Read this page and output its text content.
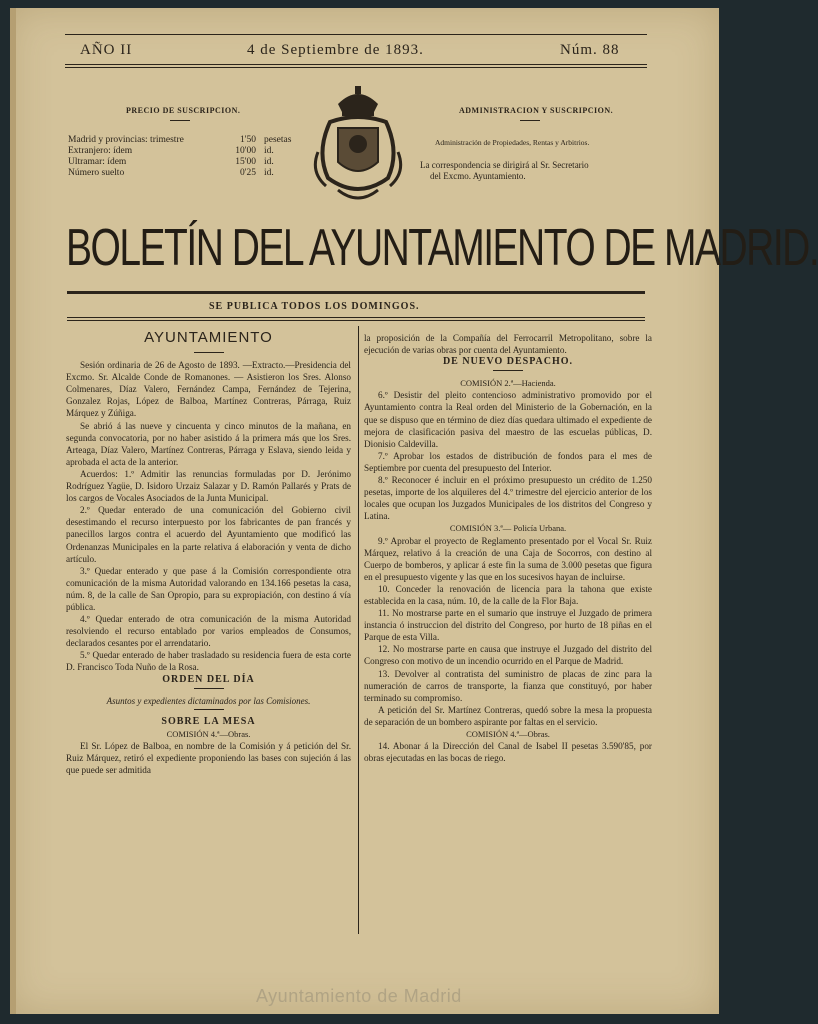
AÑO II	4 de Septiembre de 1893.	Núm. 88
PRECIO DE SUSCRIPCION.
Madrid y provincias: trimestre	1'50 pesetas
Extranjero: ídem	10'00 id.
Ultramar: ídem	15'00 id.
Número suelto	0'25 id.
ADMINISTRACION Y SUSCRIPCION.
Administración de Propiedades, Rentas y Arbitrios.
La correspondencia se dirigirá al Sr. Secretario
del Excmo. Ayuntamiento.
BOLETÍN DEL AYUNTAMIENTO DE MADRID.
SE PUBLICA TODOS LOS DOMINGOS.
AYUNTAMIENTO

Sesión ordinaria de 26 de Agosto de 1893. —Extracto.—Presidencia del Excmo. Sr. Alcalde Conde de Romanones. — Asistieron los Sres. Alonso Colmenares, Díaz Valero, Fernández Campa, Fernández de Tejerina, Gonzalez Rojas, López de Balboa, Martínez Contreras, Párraga, Ruiz Márquez y Zúñiga.

Se abrió á las nueve y cincuenta y cinco minutos de la mañana, en segunda convocatoria, por no haber asistido á la primera más que los Sres. Arteaga, Díaz Valero, Martínez Contreras, Párraga y Eslava, siendo leida y aprobada el acta de la anterior.

Acuerdos: 1.º Admitir las renuncias formuladas por D. Jerónimo Rodríguez Yagüe, D. Isidoro Urzaiz Salazar y D. Ramón Pallarés y Prats de los cargos de Vocales Asociados de la Junta Municipal.

2.º Quedar enterado de una comunicación del Gobierno civil desestimando el recurso interpuesto por los fabricantes de pan francés y panecillos largos contra el acuerdo del Ayuntamiento que modificó las Ordenanzas Municipales en la parte relativa á elaboración y venta de dicho artículo.

3.º Quedar enterado y que pase á la Comisión correspondiente otra comunicación de la misma Autoridad valorando en 134.166 pesetas la casa, núm. 8, de la calle de San Opropio, para su expropiación, con destino á vía pública.

4.º Quedar enterado de otra comunicación de la misma Autoridad resolviendo el recurso entablado por varios empleados de Consumos, declarados cesantes por el arrendatario.

5.º Quedar enterado de haber trasladado su residencia fuera de esta corte D. Francisco Toda Nuño de la Rosa.

ORDEN DEL DÍA

Asuntos y expedientes dictaminados por las Comisiones.

SOBRE LA MESA

COMISIÓN 4.ª—Obras.

El Sr. López de Balboa, en nombre de la Comisión y á petición del Sr. Ruiz Márquez, retiró el expediente proponiendo las bases con sujeción á las que puede ser admitida

la proposición de la Compañía del Ferrocarril Metropolitano, sobre la ejecución de varias obras por cuenta del Ayuntamiento.

DE NUEVO DESPACHO.

COMISIÓN 2.ª—Hacienda.

6.º Desistir del pleito contencioso administrativo promovido por el Ayuntamiento contra la Real orden del Ministerio de la Gobernación, en la que se dispuso que en término de diez días quedara ultimado el expediente de mejora de clasificación pasiva del maestro de las escuelas públicas, D. Dionisio Caldevilla.

7.º Aprobar los estados de distribución de fondos para el mes de Septiembre por cuenta del presupuesto del Interior.

8.º Reconocer é incluir en el próximo presupuesto un crédito de 1.250 pesetas, importe de los alquileres del 4.º trimestre del ejercicio anterior de los locales que ocupan los Juzgados Municipales de los distritos del Congreso y Latina.

COMISIÓN 3.ª— Policía Urbana.

9.º Aprobar el proyecto de Reglamento presentado por el Vocal Sr. Ruiz Márquez, relativo á la creación de una Caja de Socorros, con destino al Cuerpo de bomberos, y aplicar á este fin la suma de 3.000 pesetas que figura en el presupuesto vigente y las que en los sucesivos hayan de incluirse.

10. Conceder la renovación de licencia para la tahona que existe establecida en la casa, núm. 10, de la calle de la Flor Baja.

11. No mostrarse parte en el sumario que instruye el Juzgado de primera instancia ó instruccion del distrito del Congreso, por hurto de 18 piñas en el Parque de esta Villa.

12. No mostrarse parte en causa que instruye el Juzgado del distrito del Congreso con motivo de un incendio ocurrido en el Parque de Madrid.

13. Devolver al contratista del suministro de placas de zinc para la numeración de carros de transporte, la fianza que constituyó, por haber terminado su compromiso.

A petición del Sr. Martínez Contreras, quedó sobre la mesa la propuesta de separación de un bombero aspirante por faltas en el servicio.

COMISIÓN 4.ª—Obras.

14. Abonar á la Dirección del Canal de Isabel II pesetas 3.590'85, por obras ejecutadas en las bocas de riego.

Ayuntamiento de Madrid
